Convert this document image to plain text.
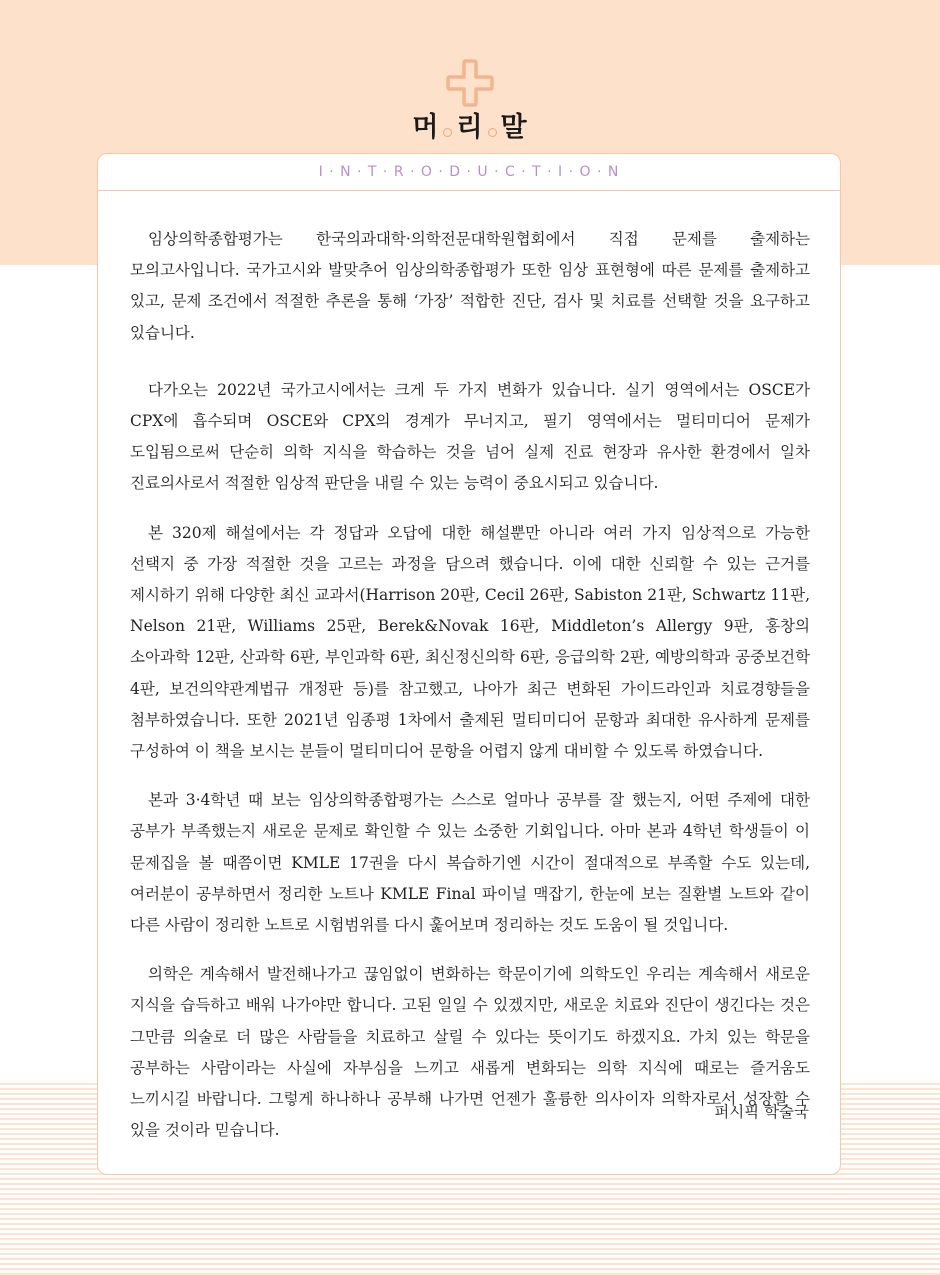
머 리 말
I · N · T · R · O · D · U · C · T · I · O · N

임상의학종합평가는 한국의과대학·의학전문대학원협회에서 직접 문제를 출제하는 모의고사입니다. 국가고시와 발맞추어 임상의학종합평가 또한 임상 표현형에 따른 문제를 출제하고 있고, 문제 조건에서 적절한 추론을 통해 ‘가장’ 적합한 진단, 검사 및 치료를 선택할 것을 요구하고 있습니다.

다가오는 2022년 국가고시에서는 크게 두 가지 변화가 있습니다. 실기 영역에서는 OSCE가 CPX에 흡수되며 OSCE와 CPX의 경계가 무너지고, 필기 영역에서는 멀티미디어 문제가 도입됨으로써 단순히 의학 지식을 학습하는 것을 넘어 실제 진료 현장과 유사한 환경에서 일차 진료의사로서 적절한 임상적 판단을 내릴 수 있는 능력이 중요시되고 있습니다.

본 320제 해설에서는 각 정답과 오답에 대한 해설뿐만 아니라 여러 가지 임상적으로 가능한 선택지 중 가장 적절한 것을 고르는 과정을 담으려 했습니다. 이에 대한 신뢰할 수 있는 근거를 제시하기 위해 다양한 최신 교과서(Harrison 20판, Cecil 26판, Sabiston 21판, Schwartz 11판, Nelson 21판, Williams 25판, Berek&Novak 16판, Middleton’s Allergy 9판, 홍창의 소아과학 12판, 산과학 6판, 부인과학 6판, 최신정신의학 6판, 응급의학 2판, 예방의학과 공중보건학 4판, 보건의약관계법규 개정판 등)를 참고했고, 나아가 최근 변화된 가이드라인과 치료경향들을 첨부하였습니다. 또한 2021년 임종평 1차에서 출제된 멀티미디어 문항과 최대한 유사하게 문제를 구성하여 이 책을 보시는 분들이 멀티미디어 문항을 어렵지 않게 대비할 수 있도록 하였습니다.

본과 3·4학년 때 보는 임상의학종합평가는 스스로 얼마나 공부를 잘 했는지, 어떤 주제에 대한 공부가 부족했는지 새로운 문제로 확인할 수 있는 소중한 기회입니다. 아마 본과 4학년 학생들이 이 문제집을 볼 때쯤이면 KMLE 17권을 다시 복습하기엔 시간이 절대적으로 부족할 수도 있는데, 여러분이 공부하면서 정리한 노트나 KMLE Final 파이널 맥잡기, 한눈에 보는 질환별 노트와 같이 다른 사람이 정리한 노트로 시험범위를 다시 훑어보며 정리하는 것도 도움이 될 것입니다.

의학은 계속해서 발전해나가고 끊임없이 변화하는 학문이기에 의학도인 우리는 계속해서 새로운 지식을 습득하고 배워 나가야만 합니다. 고된 일일 수 있겠지만, 새로운 치료와 진단이 생긴다는 것은 그만큼 의술로 더 많은 사람들을 치료하고 살릴 수 있다는 뜻이기도 하겠지요. 가치 있는 학문을 공부하는 사람이라는 사실에 자부심을 느끼고 새롭게 변화되는 의학 지식에 때로는 즐거움도 느끼시길 바랍니다. 그렇게 하나하나 공부해 나가면 언젠가 훌륭한 의사이자 의학자로서 성장할 수 있을 것이라 믿습니다.

퍼시픽 학술국
